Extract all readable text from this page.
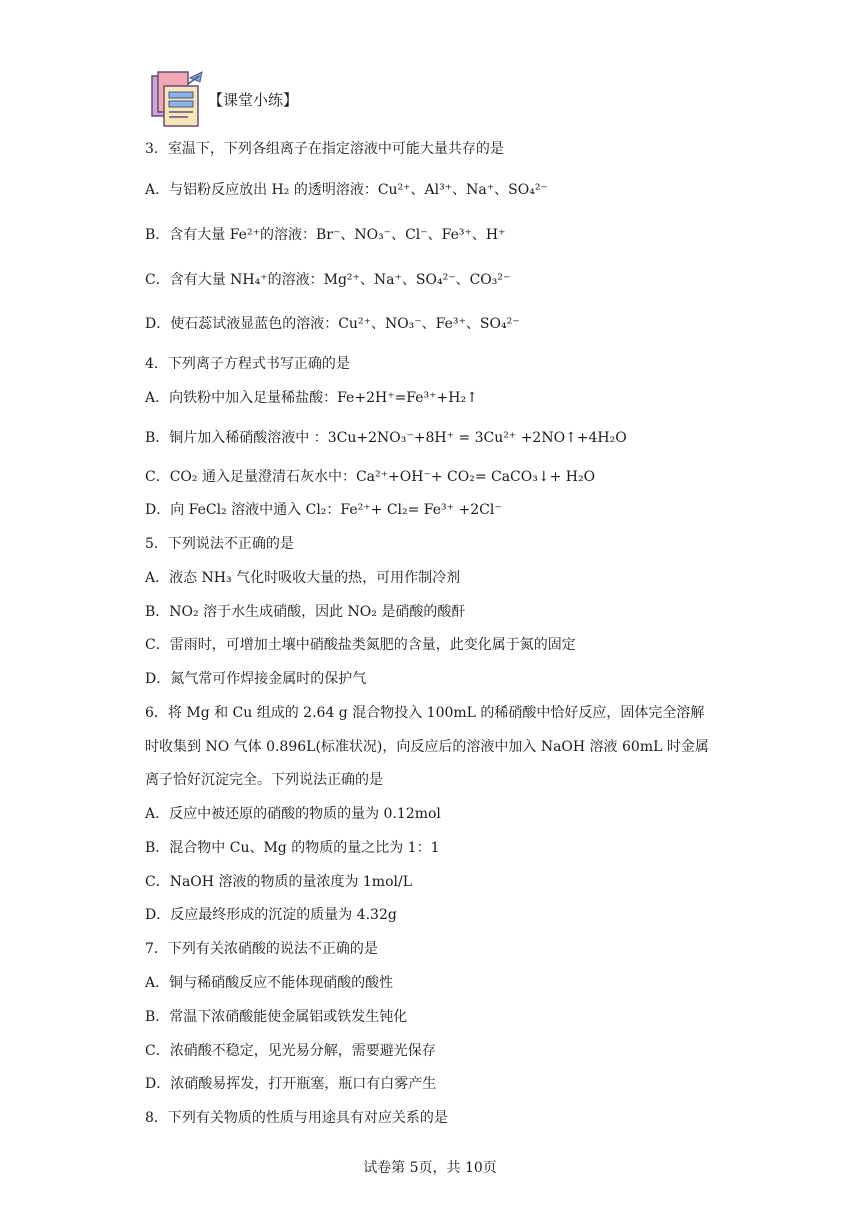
【课堂小练】
3．室温下，下列各组离子在指定溶液中可能大量共存的是
A．与铝粉反应放出 H₂ 的透明溶液：Cu²⁺、Al³⁺、Na⁺、SO₄²⁻
B．含有大量 Fe²⁺的溶液：Br⁻、NO₃⁻、Cl⁻、Fe³⁺、H⁺
C．含有大量 NH₄⁺的溶液：Mg²⁺、Na⁺、SO₄²⁻、CO₃²⁻
D．使石蕊试液显蓝色的溶液：Cu²⁺、NO₃⁻、Fe³⁺、SO₄²⁻
4．下列离子方程式书写正确的是
A．向铁粉中加入足量稀盐酸：Fe+2H⁺=Fe³⁺+H₂↑
B．铜片加入稀硝酸溶液中 ：3Cu+2NO₃⁻+8H⁺ = 3Cu²⁺ +2NO↑+4H₂O
C．CO₂ 通入足量澄清石灰水中：Ca²⁺+OH⁻+ CO₂= CaCO₃↓+ H₂O
D．向 FeCl₂ 溶液中通入 Cl₂：Fe²⁺+ Cl₂= Fe³⁺ +2Cl⁻
5．下列说法不正确的是
A．液态 NH₃ 气化时吸收大量的热，可用作制冷剂
B．NO₂ 溶于水生成硝酸，因此 NO₂ 是硝酸的酸酐
C．雷雨时，可增加土壤中硝酸盐类氮肥的含量，此变化属于氮的固定
D．氮气常可作焊接金属时的保护气
6．将 Mg 和 Cu 组成的 2.64 g 混合物投入 100mL 的稀硝酸中恰好反应，固体完全溶解
时收集到 NO 气体 0.896L(标准状况)，向反应后的溶液中加入 NaOH 溶液 60mL 时金属
离子恰好沉淀完全。下列说法正确的是
A．反应中被还原的硝酸的物质的量为 0.12mol
B．混合物中 Cu、Mg 的物质的量之比为 1：1
C．NaOH 溶液的物质的量浓度为 1mol/L
D．反应最终形成的沉淀的质量为 4.32g
7．下列有关浓硝酸的说法不正确的是
A．铜与稀硝酸反应不能体现硝酸的酸性
B．常温下浓硝酸能使金属铝或铁发生钝化
C．浓硝酸不稳定，见光易分解，需要避光保存
D．浓硝酸易挥发，打开瓶塞，瓶口有白雾产生
8．下列有关物质的性质与用途具有对应关系的是
试卷第 5页，共 10页
